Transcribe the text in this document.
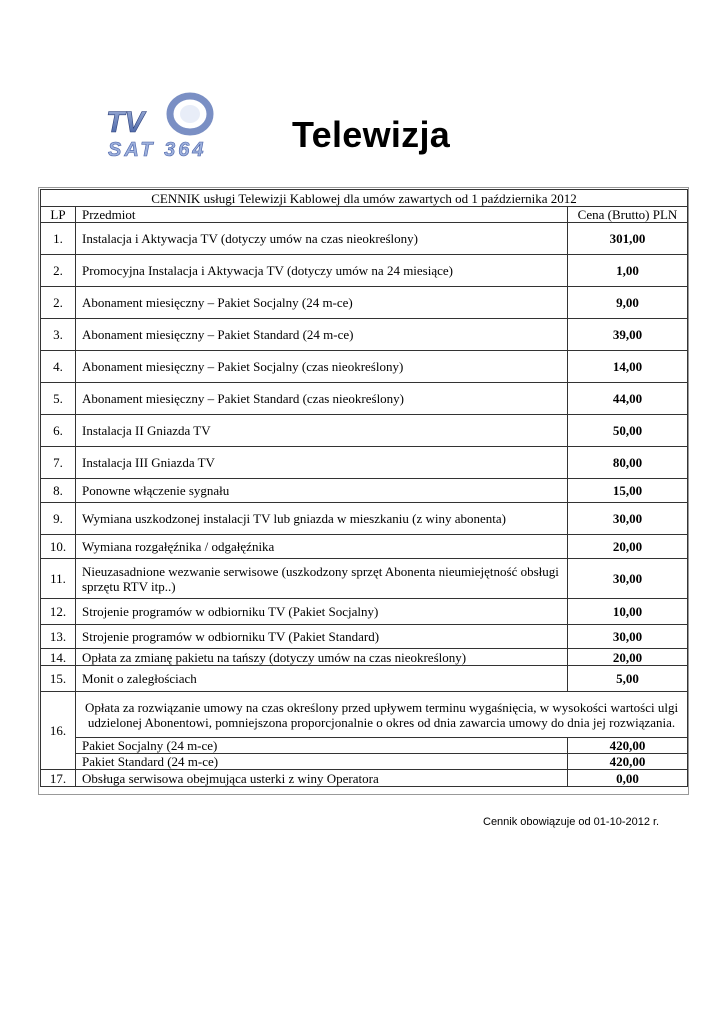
TV
SAT 364 Telewizja
CENNIK usługi Telewizji Kablowej dla umów zawartych od 1 października 2012		
LP	Przedmiot	Cena (Brutto) PLN
1.	Instalacja i Aktywacja TV (dotyczy umów na czas nieokreślony)	301,00
2.	Promocyjna Instalacja i Aktywacja TV (dotyczy umów na 24 miesiące)	1,00
2.	Abonament miesięczny – Pakiet Socjalny (24 m-ce)	9,00
3.	Abonament miesięczny – Pakiet Standard (24 m-ce)	39,00
4.	Abonament miesięczny – Pakiet Socjalny (czas nieokreślony)	14,00
5.	Abonament miesięczny – Pakiet Standard (czas nieokreślony)	44,00
6.	Instalacja II Gniazda TV	50,00
7.	Instalacja III Gniazda TV	80,00
8.	Ponowne włączenie sygnału	15,00
9.	Wymiana uszkodzonej instalacji TV lub gniazda w mieszkaniu (z winy abonenta)	30,00
10.	Wymiana rozgałęźnika / odgałęźnika	20,00
11.	Nieuzasadnione wezwanie serwisowe (uszkodzony sprzęt Abonenta nieumiejętność obsługi sprzętu RTV itp..)	30,00
12.	Strojenie programów w odbiorniku TV (Pakiet Socjalny)	10,00
13.	Strojenie programów w odbiorniku TV (Pakiet Standard)	30,00
14.	Opłata za zmianę pakietu na tańszy (dotyczy umów na czas nieokreślony)	20,00
15.	Monit o zaległościach	5,00
16.	Opłata za rozwiązanie umowy na czas określony przed upływem terminu wygaśnięcia, w wysokości wartości ulgi udzielonej Abonentowi, pomniejszona proporcjonalnie o okres od dnia zawarcia umowy do dnia jej rozwiązania.	
	Pakiet Socjalny (24 m-ce)	420,00
	Pakiet Standard (24 m-ce)	420,00
17.	Obsługa serwisowa obejmująca usterki z winy Operatora	0,00
Cennik obowiązuje od 01-10-2012 r.
